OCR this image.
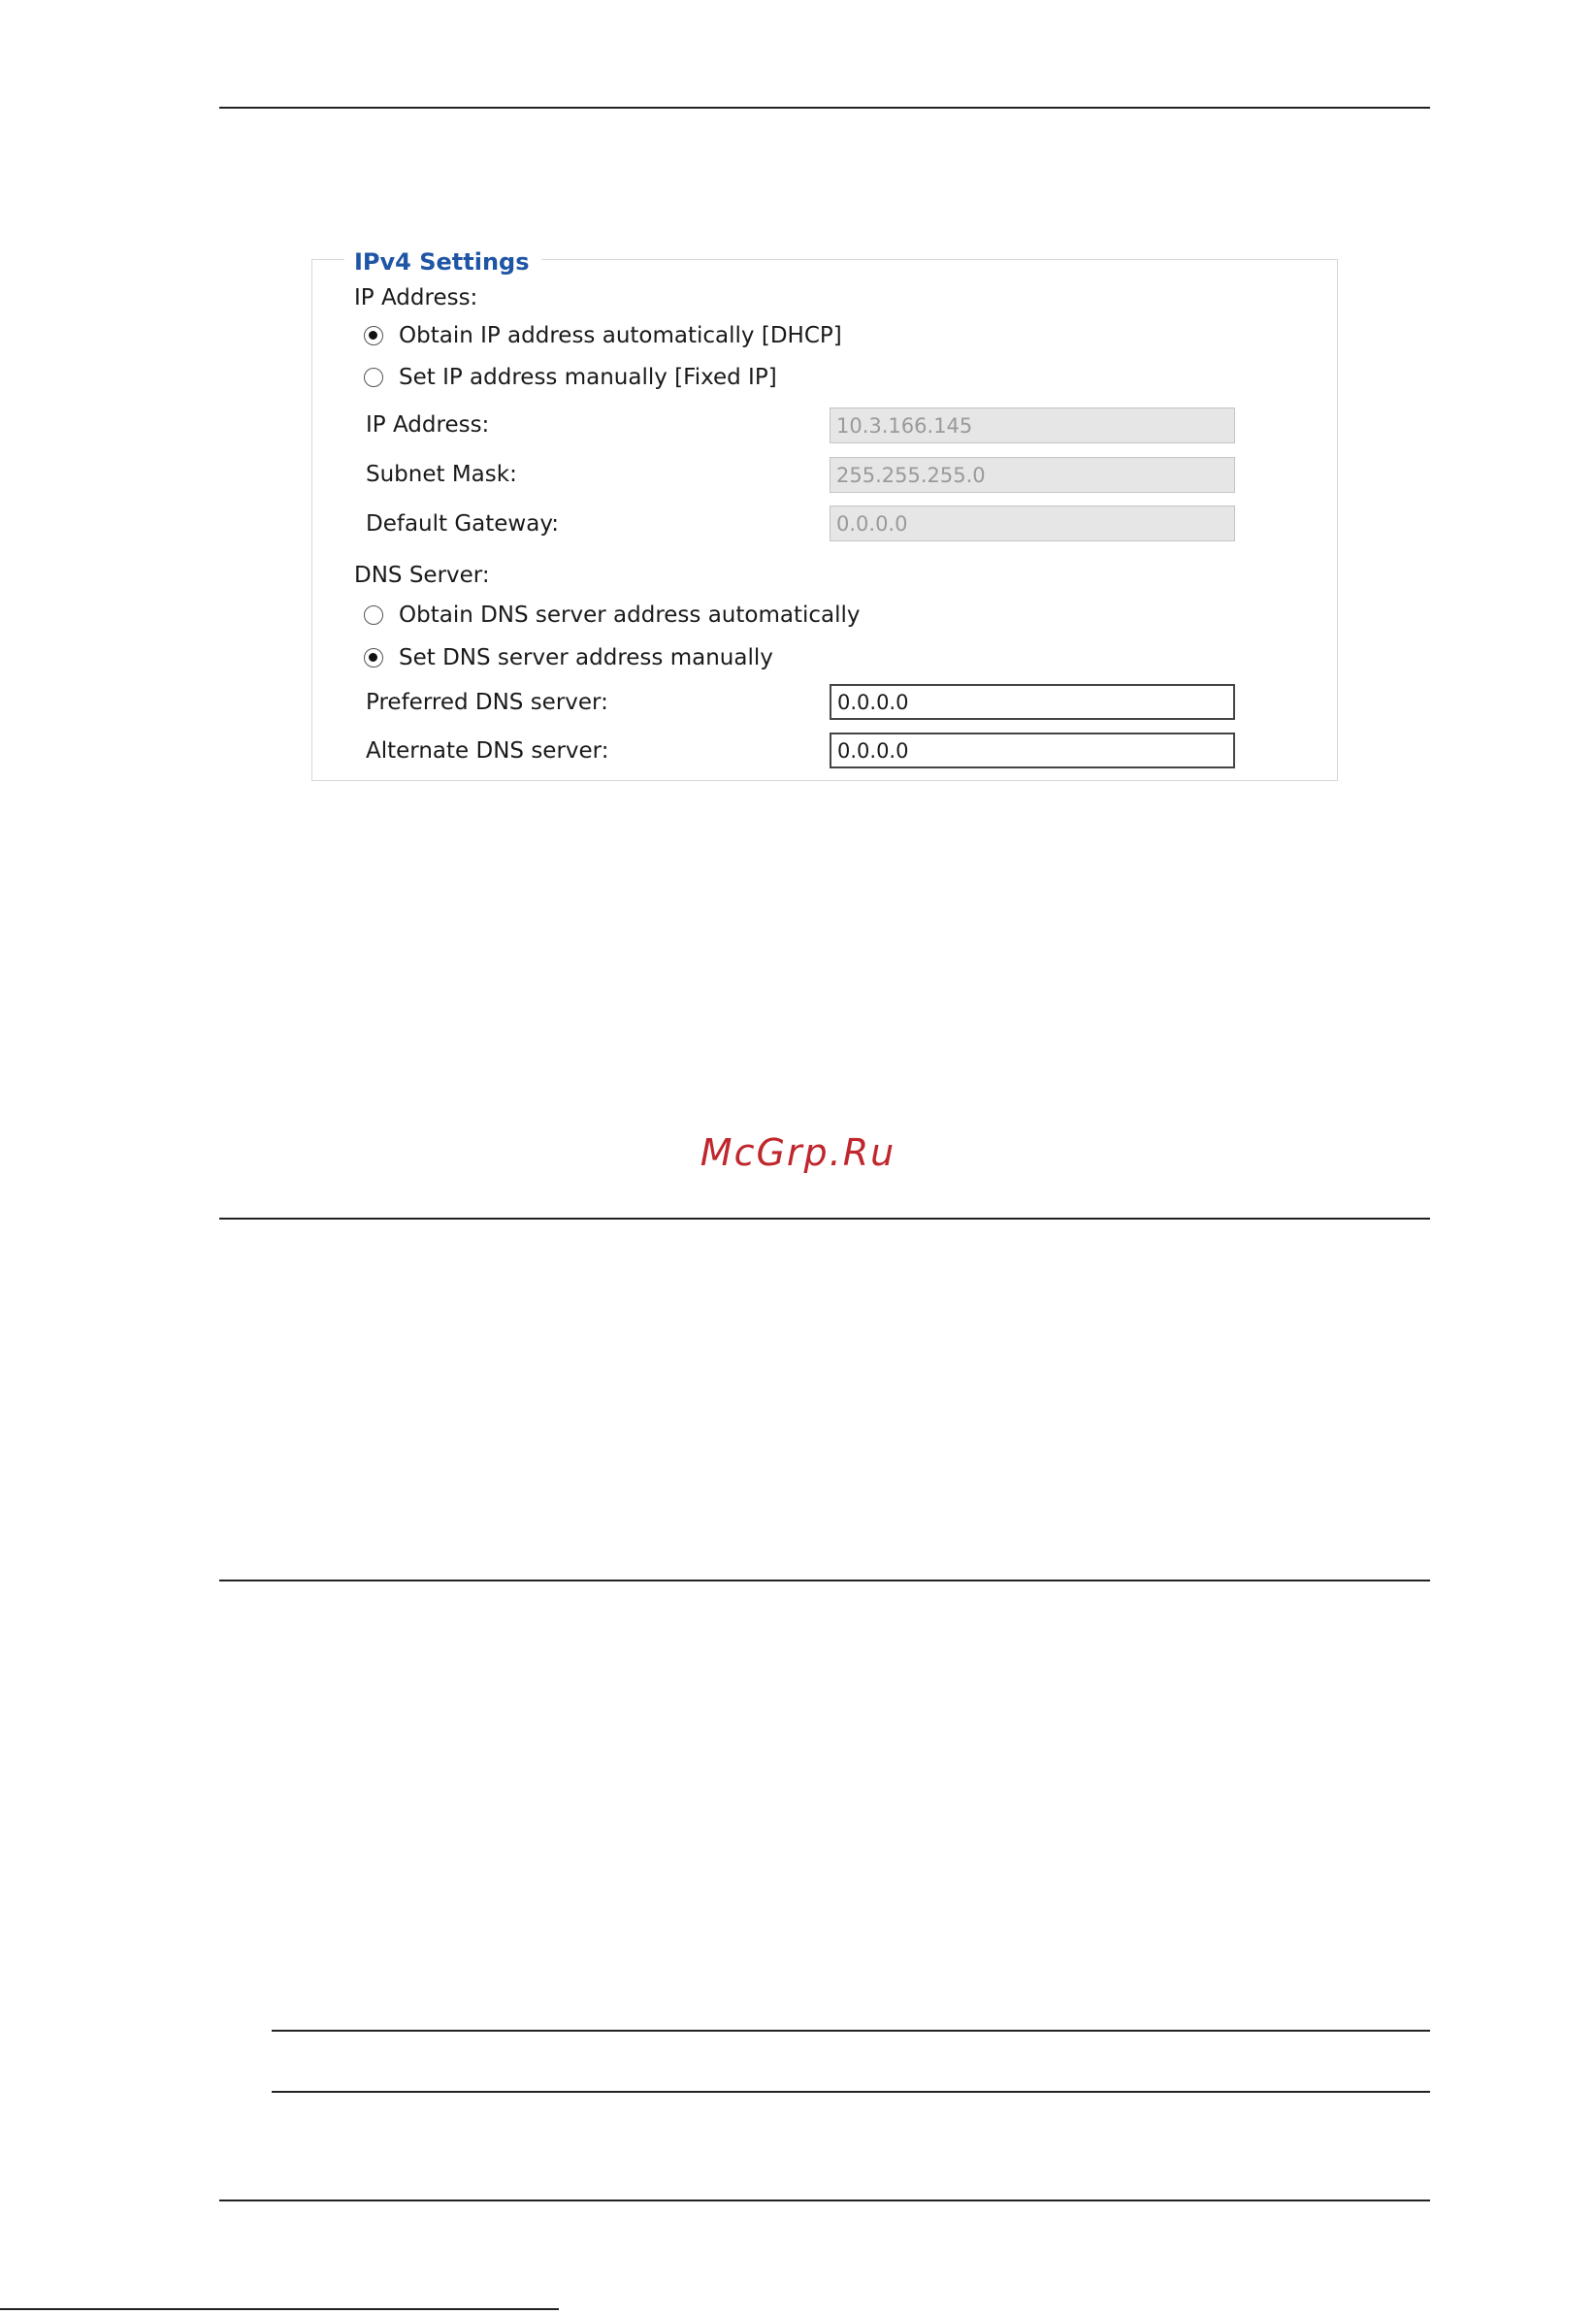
IPv4 Settings
IP Address:
Obtain IP address automatically [DHCP]
Set IP address manually [Fixed IP]
IP Address:	10.3.166.145
Subnet Mask:	255.255.255.0
Default Gateway:	0.0.0.0
DNS Server:
Obtain DNS server address automatically
Set DNS server address manually
Preferred DNS server:	0.0.0.0
Alternate DNS server:	0.0.0.0
McGrp.Ru
